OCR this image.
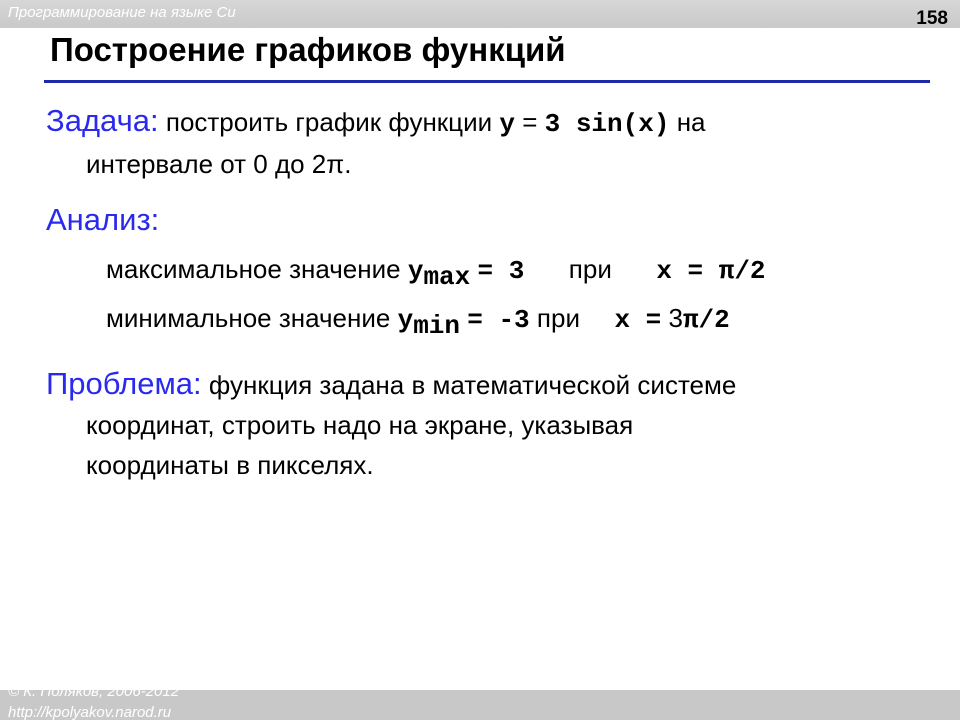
Программирование на языке Си	158
Построение графиков функций
Задача: построить график функции y = 3 sin(x) на
интервале от 0 до 2π.
Анализ:
максимальное значение ymax = 3 при x = π/2
минимальное значение ymin = -3 при x = 3π/2
Проблема: функция задана в математической системе
координат, строить надо на экране, указывая
координаты в пикселях.
© К. Поляков, 2006-2012
http://kpolyakov.narod.ru
